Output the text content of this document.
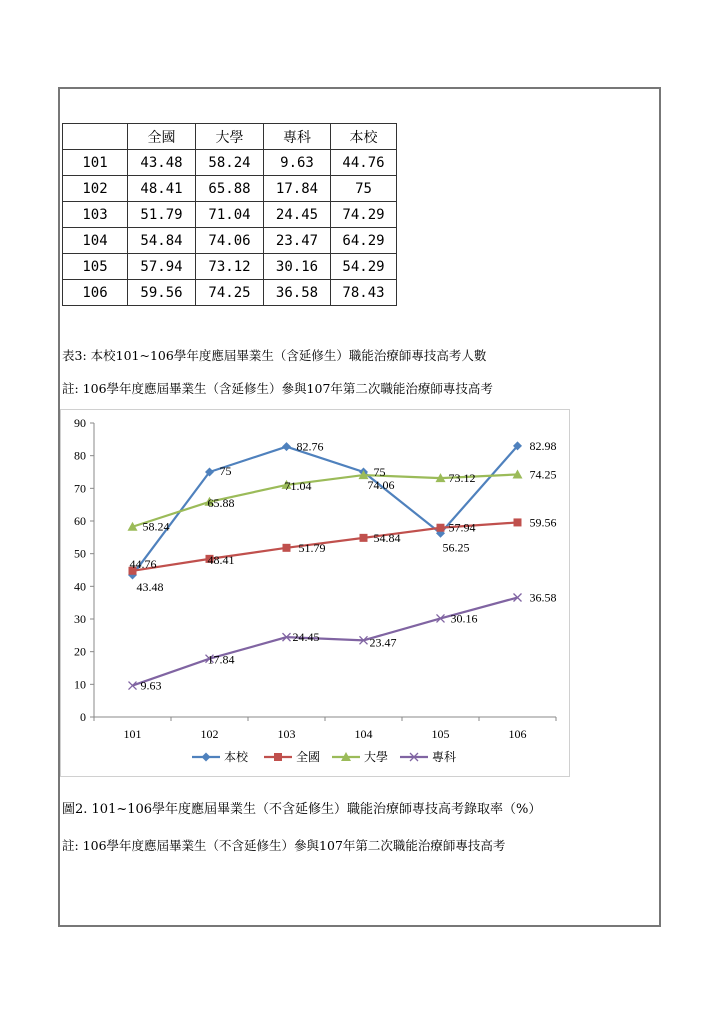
	全國	大學	專科	本校
101	43.48	58.24	9.63	44.76
102	48.41	65.88	17.84	75
103	51.79	71.04	24.45	74.29
104	54.84	74.06	23.47	64.29
105	57.94	73.12	30.16	54.29
106	59.56	74.25	36.58	78.43
表3: 本校101~106學年度應屆畢業生（含延修生）職能治療師專技高考人數
註: 106學年度應屆畢業生（含延修生）參與107年第二次職能治療師專技高考
0
10
20
30
40
50
60
70
80
90
101	102	103	104	105	106
43.48
75
82.76
75
56.25
82.98
44.76	48.41
51.79
54.84
57.94	59.56
58.24
65.88
71.04	74.06	73.12	74.25
9.63
17.84
24.45	23.47
30.16
36.58
本校	全國	大學	專科
圖2. 101~106學年度應屆畢業生（不含延修生）職能治療師專技高考錄取率（%）
註: 106學年度應屆畢業生（不含延修生）參與107年第二次職能治療師專技高考
